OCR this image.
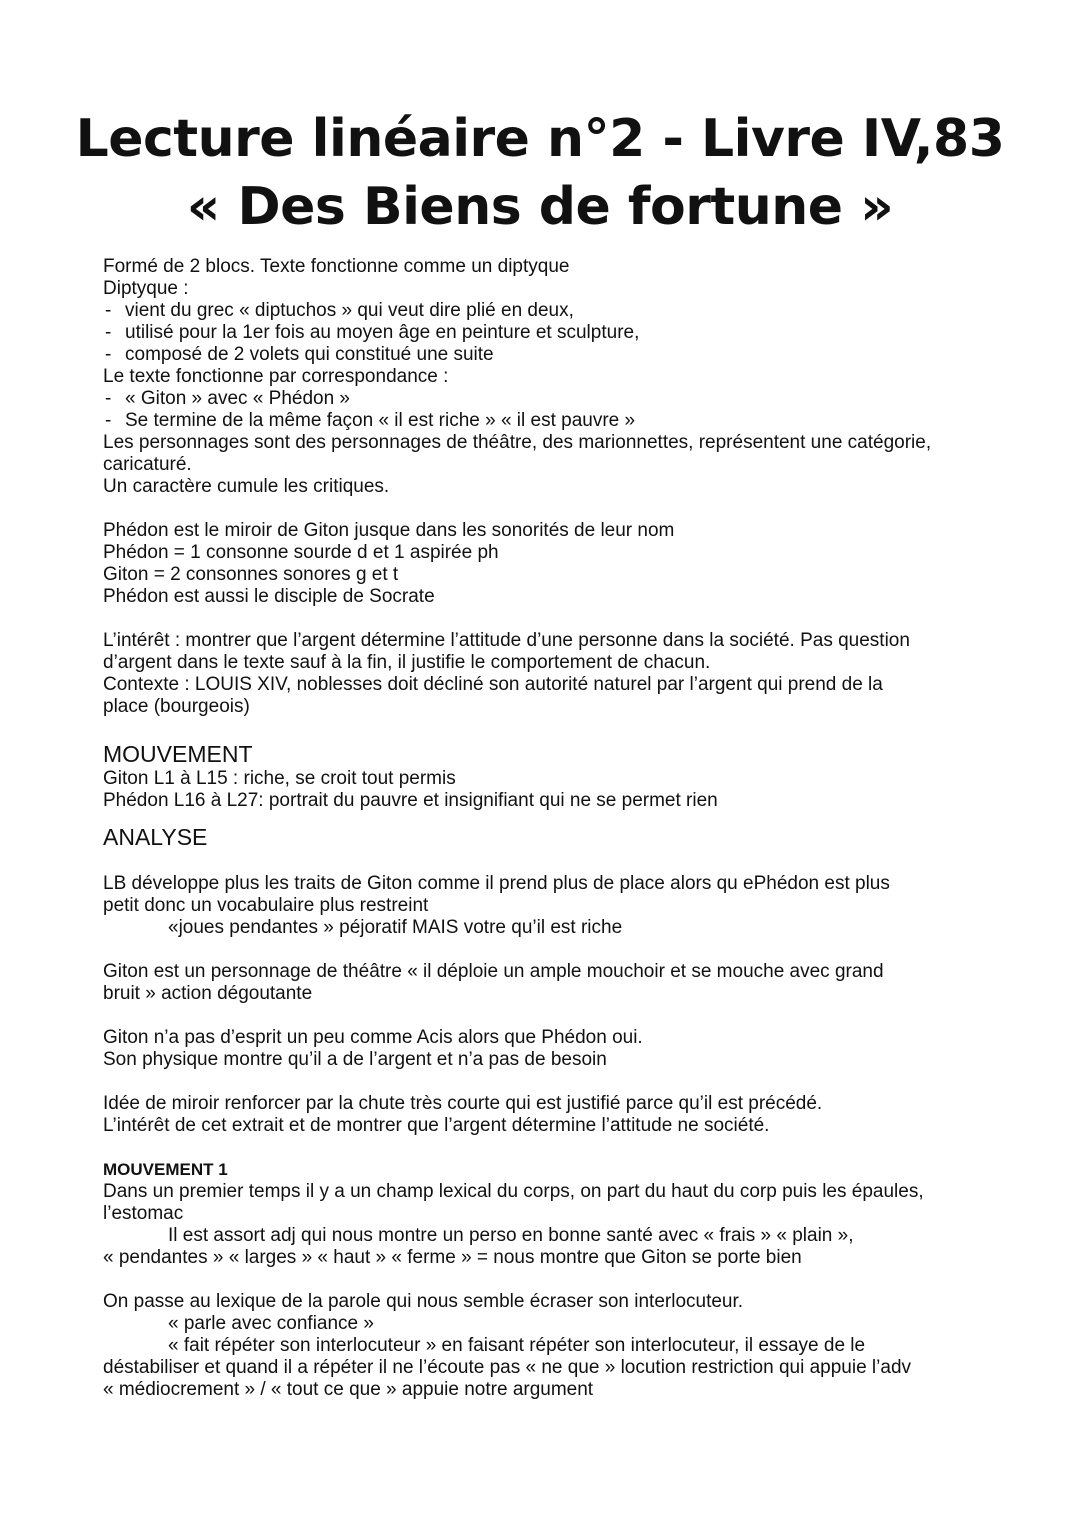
Lecture linéaire n°2 - Livre IV,83
« Des Biens de fortune »

Formé de 2 blocs. Texte fonctionne comme un diptyque

Diptyque :

- vient du grec « diptuchos » qui veut dire plié en deux,

- utilisé pour la 1er fois au moyen âge en peinture et sculpture,

- composé de 2 volets qui constitué une suite

Le texte fonctionne par correspondance :

- « Giton » avec « Phédon »

- Se termine de la même façon « il est riche » « il est pauvre »

Les personnages sont des personnages de théâtre, des marionnettes, représentent une catégorie,

caricaturé.

Un caractère cumule les critiques.

Phédon est le miroir de Giton jusque dans les sonorités de leur nom

Phédon = 1 consonne sourde d et 1 aspirée ph

Giton = 2 consonnes sonores g et t

Phédon est aussi le disciple de Socrate

L’intérêt : montrer que l’argent détermine l’attitude d’une personne dans la société. Pas question

d’argent dans le texte sauf à la fin, il justifie le comportement de chacun.

Contexte : LOUIS XIV, noblesses doit décliné son autorité naturel par l’argent qui prend de la

place (bourgeois)

MOUVEMENT

Giton L1 à L15 : riche, se croit tout permis

Phédon L16 à L27: portrait du pauvre et insignifiant qui ne se permet rien

ANALYSE

LB développe plus les traits de Giton comme il prend plus de place alors qu ePhédon est plus

petit donc un vocabulaire plus restreint

«joues pendantes » péjoratif MAIS votre qu’il est riche

Giton est un personnage de théâtre « il déploie un ample mouchoir et se mouche avec grand

bruit » action dégoutante

Giton n’a pas d’esprit un peu comme Acis alors que Phédon oui.

Son physique montre qu’il a de l’argent et n’a pas de besoin

Idée de miroir renforcer par la chute très courte qui est justifié parce qu’il est précédé.

L’intérêt de cet extrait et de montrer que l’argent détermine l’attitude ne société.

MOUVEMENT 1

Dans un premier temps il y a un champ lexical du corps, on part du haut du corp puis les épaules,

l’estomac

Il est assort adj qui nous montre un perso en bonne santé avec « frais » « plain »,

« pendantes » « larges » « haut » « ferme » = nous montre que Giton se porte bien

On passe au lexique de la parole qui nous semble écraser son interlocuteur.

« parle avec confiance »

« fait répéter son interlocuteur » en faisant répéter son interlocuteur, il essaye de le

déstabiliser et quand il a répéter il ne l’écoute pas « ne que » locution restriction qui appuie l’adv

« médiocrement » / « tout ce que » appuie notre argument
